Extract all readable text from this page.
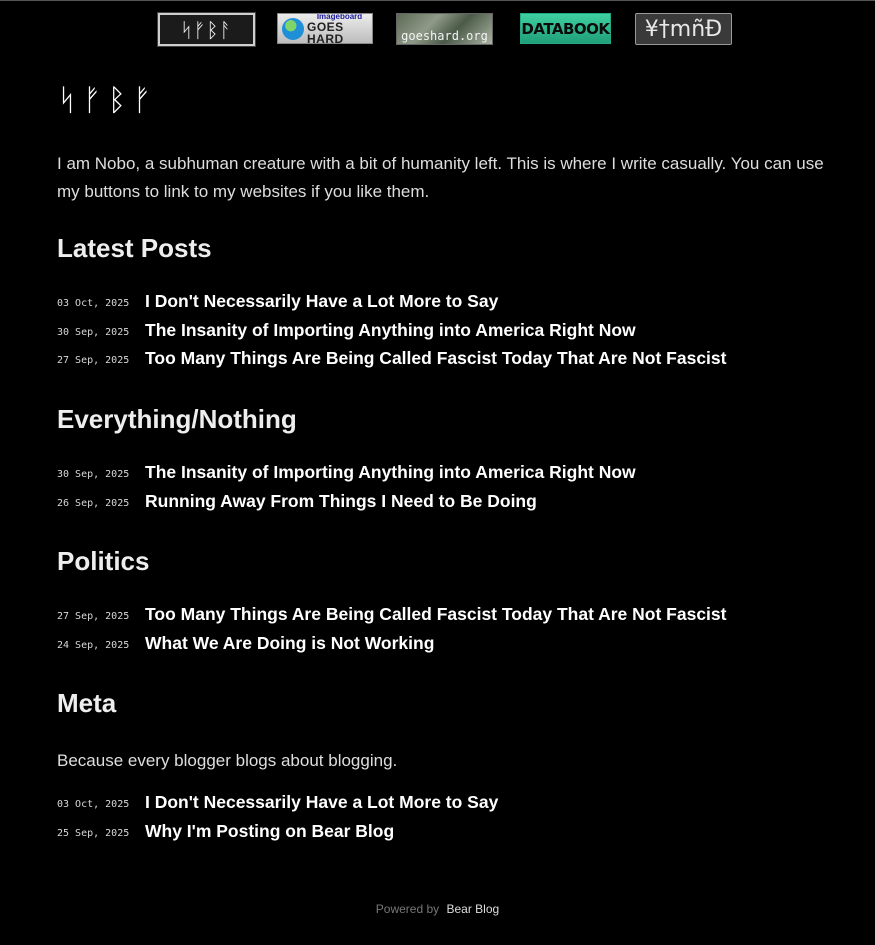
ᛋᚠᛒᚨ
Imageboard
GOES HARD	goeshard.org DATABOOK ¥†mñÐ
ᛋᚠᛒᚠ

I am Nobo, a subhuman creature with a bit of humanity left. This is where I write casually. You can use my buttons to link to my websites if you like them.

Latest Posts
03 Oct, 2025 I Don't Necessarily Have a Lot More to Say
30 Sep, 2025 The Insanity of Importing Anything into America Right Now
27 Sep, 2025 Too Many Things Are Being Called Fascist Today That Are Not Fascist
Everything/Nothing
30 Sep, 2025 The Insanity of Importing Anything into America Right Now
26 Sep, 2025 Running Away From Things I Need to Be Doing
Politics
27 Sep, 2025 Too Many Things Are Being Called Fascist Today That Are Not Fascist
24 Sep, 2025 What We Are Doing is Not Working
Meta

Because every blogger blogs about blogging.

03 Oct, 2025 I Don't Necessarily Have a Lot More to Say
25 Sep, 2025 Why I'm Posting on Bear Blog
Powered by Bear Blog
